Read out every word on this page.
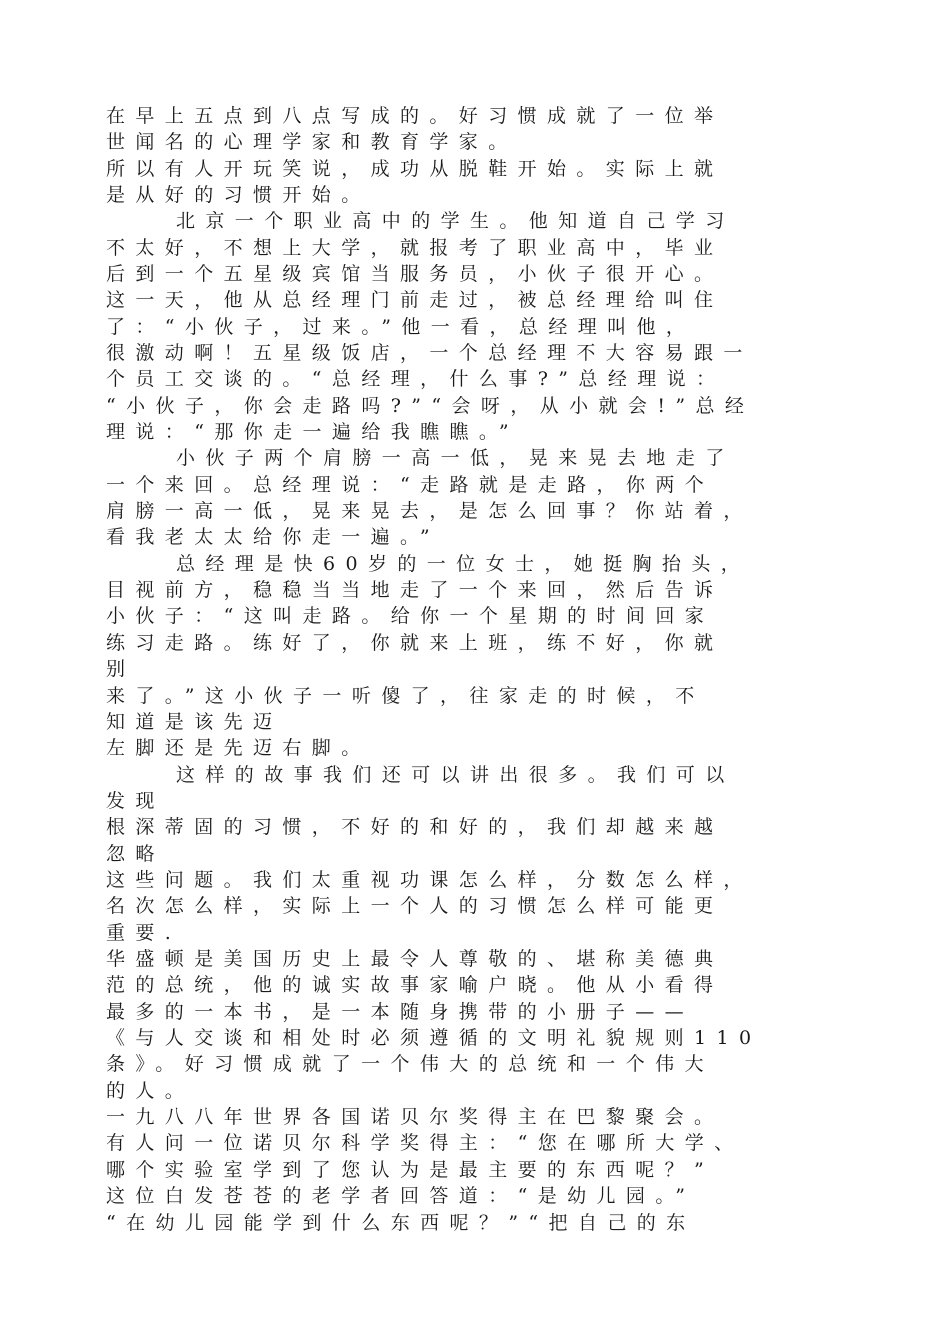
在早上五点到八点写成的。好习惯成就了一位举
世闻名的心理学家和教育学家。
所以有人开玩笑说，成功从脱鞋开始。实际上就
是从好的习惯开始。
北京一个职业高中的学生。他知道自己学习
不太好，不想上大学，就报考了职业高中，毕业
后到一个五星级宾馆当服务员，小伙子很开心。
这一天，他从总经理门前走过，被总经理给叫住
了：“小伙子，过来。”他一看，总经理叫他，
很激动啊！五星级饭店，一个总经理不大容易跟一
个员工交谈的。“总经理，什么事?”总经理说：
“小伙子，你会走路吗?”“会呀，从小就会!”总经
理说：“那你走一遍给我瞧瞧。”
小伙子两个肩膀一高一低，晃来晃去地走了
一个来回。总经理说：“走路就是走路，你两个
肩膀一高一低，晃来晃去，是怎么回事？你站着，
看我老太太给你走一遍。”
总经理是快60岁的一位女士，她挺胸抬头，
目视前方，稳稳当当地走了一个来回，然后告诉
小伙子：“这叫走路。给你一个星期的时间回家
练习走路。练好了，你就来上班，练不好，你就
别
来了。”这小伙子一听傻了，往家走的时候，不
知道是该先迈
左脚还是先迈右脚。
这样的故事我们还可以讲出很多。我们可以
发现
根深蒂固的习惯，不好的和好的，我们却越来越
忽略
这些问题。我们太重视功课怎么样，分数怎么样，
名次怎么样，实际上一个人的习惯怎么样可能更
重要.
华盛顿是美国历史上最令人尊敬的、堪称美德典
范的总统，他的诚实故事家喻户晓。他从小看得
最多的一本书，是一本随身携带的小册子——
《与人交谈和相处时必须遵循的文明礼貌规则110
条》。好习惯成就了一个伟大的总统和一个伟大
的人。
一九八八年世界各国诺贝尔奖得主在巴黎聚会。
有人问一位诺贝尔科学奖得主：“您在哪所大学、
哪个实验室学到了您认为是最主要的东西呢？”
这位白发苍苍的老学者回答道：“是幼儿园。”
“在幼儿园能学到什么东西呢？”“把自己的东
